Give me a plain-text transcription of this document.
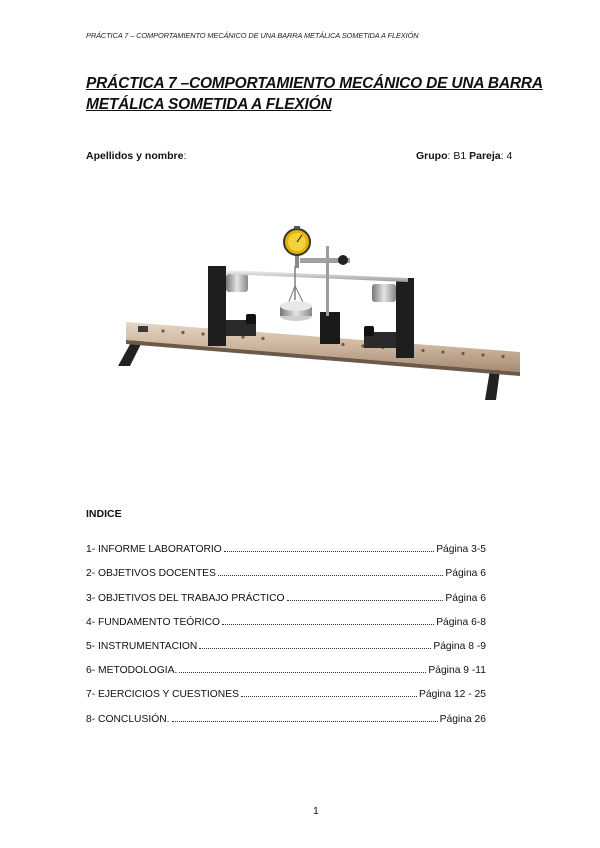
PRÁCTICA 7 – COMPORTAMIENTO MECÁNICO DE UNA BARRA METÁLICA SOMETIDA A FLEXIÓN
PRÁCTICA 7 –COMPORTAMIENTO MECÁNICO DE UNA BARRA
METÁLICA SOMETIDA A FLEXIÓN
Apellidos y nombre:	Grupo: B1 Pareja: 4
INDICE
1- INFORME LABORATORIO	Página 3-5
2- OBJETIVOS DOCENTES	Página 6
3- OBJETIVOS DEL TRABAJO PRÁCTICO	Página 6
4- FUNDAMENTO TEÓRICO	Página 6-8
5- INSTRUMENTACION	Página 8 -9
6- METODOLOGIA.	Página 9 -11
7- EJERCICIOS Y CUESTIONES	Página 12 - 25
8- CONCLUSIÓN.	Página 26
1
